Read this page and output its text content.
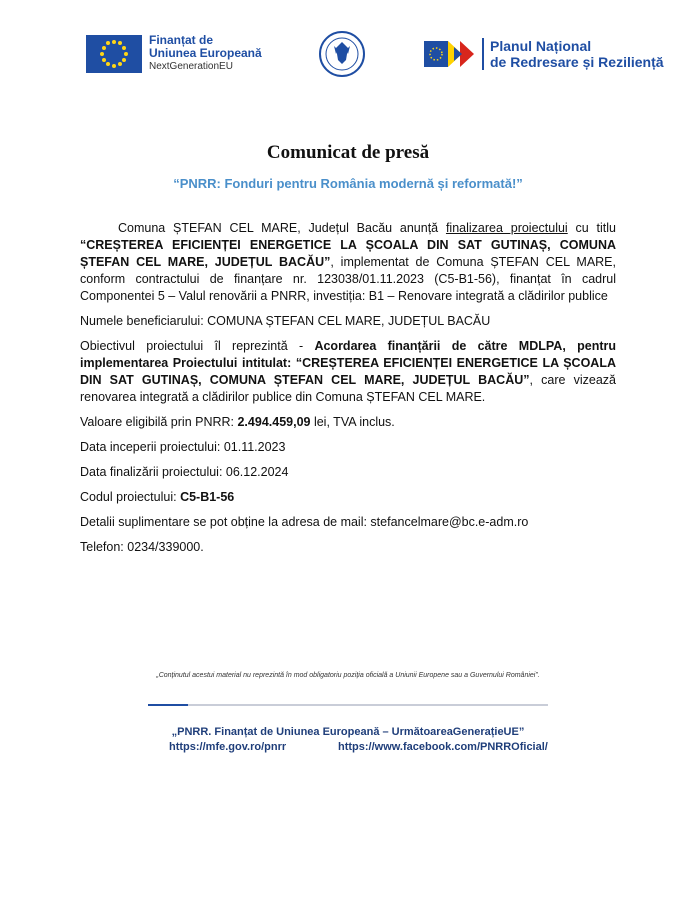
Finanțat de
Uniunea Europeană
NextGenerationEU
Planul Național
de Redresare și Reziliență
Comunicat de presă
“PNRR: Fonduri pentru România modernă și reformată!”

Comuna ȘTEFAN CEL MARE, Județul Bacău anunță finalizarea proiectului cu titlu “CREȘTEREA EFICIENȚEI ENERGETICE LA ȘCOALA DIN SAT GUTINAȘ, COMUNA ȘTEFAN CEL MARE, JUDEȚUL BACĂU”, implementat de Comuna ȘTEFAN CEL MARE, conform contractului de finanțare nr. 123038/01.11.2023 (C5-B1-56), finanțat în cadrul Componentei 5 – Valul renovării a PNRR, investiția: B1 – Renovare integrată a clădirilor publice

Numele beneficiarului: COMUNA ȘTEFAN CEL MARE, JUDEȚUL BACĂU

Obiectivul proiectului îl reprezintă - Acordarea finanțării de către MDLPA, pentru implementarea Proiectului intitulat: “CREȘTEREA EFICIENȚEI ENERGETICE LA ȘCOALA DIN SAT GUTINAȘ, COMUNA ȘTEFAN CEL MARE, JUDEȚUL BACĂU”, care vizează renovarea integrată a clădirilor publice din Comuna ȘTEFAN CEL MARE.

Valoare eligibilă prin PNRR: 2.494.459,09 lei, TVA inclus.

Data inceperii proiectului: 01.11.2023

Data finalizării proiectului: 06.12.2024

Codul proiectului: C5-B1-56

Detalii suplimentare se pot obține la adresa de mail: stefancelmare@bc.e-adm.ro

Telefon: 0234/339000.

„Conținutul acestui material nu reprezintă în mod obligatoriu poziția oficială a Uniunii Europene sau a Guvernului României”.
„PNRR. Finanțat de Uniunea Europeană – UrmătoareaGenerațieUE”
https://mfe.gov.ro/pnrr	https://www.facebook.com/PNRROficial/
